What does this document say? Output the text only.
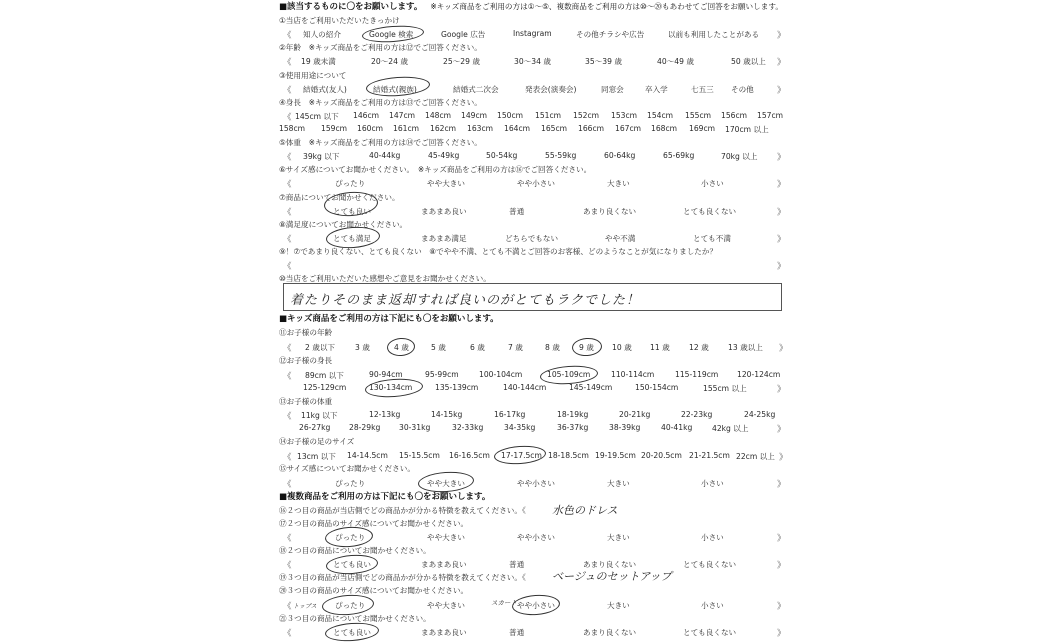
■該当するものに〇をお願いします。 ※キッズ商品をご利用の方は①～⑤、複数商品をご利用の方は⑩～⑳もあわせてご回答をお願いします。
①当店をご利用いただいたきっかけ
《 知人の紹介	Google 検索	Google 広告	Instagram	その他チラシや広告	以前も利用したことがある 》
②年齢　※キッズ商品をご利用の方は⑫でご回答ください。
《 19 歳未満	20〜24 歳	25〜29 歳	30〜34 歳	35〜39 歳	40〜49 歳	50 歳以上 》
③使用用途について
《 結婚式(友人)	結婚式(親族)	結婚式二次会	発表会(演奏会)	同窓会	卒入学	七五三 その他	》
④身長　※キッズ商品をご利用の方は⑬でご回答ください。
《 145cm 以下 146cm 147cm 148cm 149cm 150cm 151cm 152cm 153cm 154cm 155cm 156cm 157cm
158cm 159cm 160cm 161cm 162cm 163cm 164cm 165cm 166cm 167cm 168cm 169cm 170cm 以上
⑤体重　※キッズ商品をご利用の方は⑭でご回答ください。
《 39kg 以下	40-44kg	45-49kg	50-54kg	55-59kg	60-64kg	65-69kg	70kg 以上 》
⑥サイズ感についてお聞かせください。　※キッズ商品をご利用の方は⑯でご回答ください。
《	ぴったり	やや大きい	やや小さい	大きい	小さい	》
⑦商品についてお聞かせください。
《	とても良い	まあまあ良い	普通	あまり良くない	とても良くない	》
⑧満足度についてお聞かせください。
《	とても満足	まあまあ満足	どちらでもない	やや不満	とても不満	》
⑨！⑦であまり良くない、とても良くない　⑧でやや不満、とても不満とご回答のお客様、どのようなことが気になりましたか？
《	》
⑩当店をご利用いただいた感想やご意見をお聞かせください。
着たりそのまま返却すれば良いのがとてもラクでした！
■キッズ商品をご利用の方は下記にも〇をお願いします。
⑪お子様の年齢
《 2 歳以下	3 歳	4 歳	5 歳	6 歳	7 歳	8 歳	9 歳 10 歳 11 歳	12 歳	13 歳以上 》
⑫お子様の身長
《 89cm 以下	90-94cm	95-99cm	100-104cm	105-109cm	110-114cm	115-119cm 120-124cm
125-129cm	130-134cm	135-139cm	140-144cm	145-149cm	150-154cm	155cm 以上	》
⑬お子様の体重
《 11kg 以下	12-13kg	14-15kg	16-17kg	18-19kg	20-21kg	22-23kg	24-25kg
26-27kg 28-29kg 30-31kg	32-33kg	34-35kg	36-37kg	38-39kg	40-41kg	42kg 以上	》
⑭お子様の足のサイズ
《 13cm 以下 14-14.5cm 15-15.5cm 16-16.5cm 17-17.5cm 18-18.5cm 19-19.5cm 20-20.5cm 21-21.5cm 22cm 以上 》
⑮サイズ感についてお聞かせください。
《	ぴったり	やや大きい	やや小さい	大きい	小さい	》
■複数商品をご利用の方は下記にも〇をお願いします。
⑯２つ目の商品が当店側でどの商品かが分かる特徴を教えてください。《 水色のドレス
⑰２つ目の商品のサイズ感についてお聞かせください。
《	ぴったり	やや大きい	やや小さい	大きい	小さい	》
⑱２つ目の商品についてお聞かせください。
《	とても良い	まあまあ良い	普通	あまり良くない	とても良くない	》
⑲３つ目の商品が当店側でどの商品かが分かる特徴を教えてください。《 ベージュのセットアップ
⑳３つ目の商品のサイズ感についてお聞かせください。
《 トップス ぴったり	やや大きい	スカート やや小さい	大きい	小さい	》
㉑３つ目の商品についてお聞かせください。
《	とても良い	まあまあ良い	普通	あまり良くない	とても良くない	》
